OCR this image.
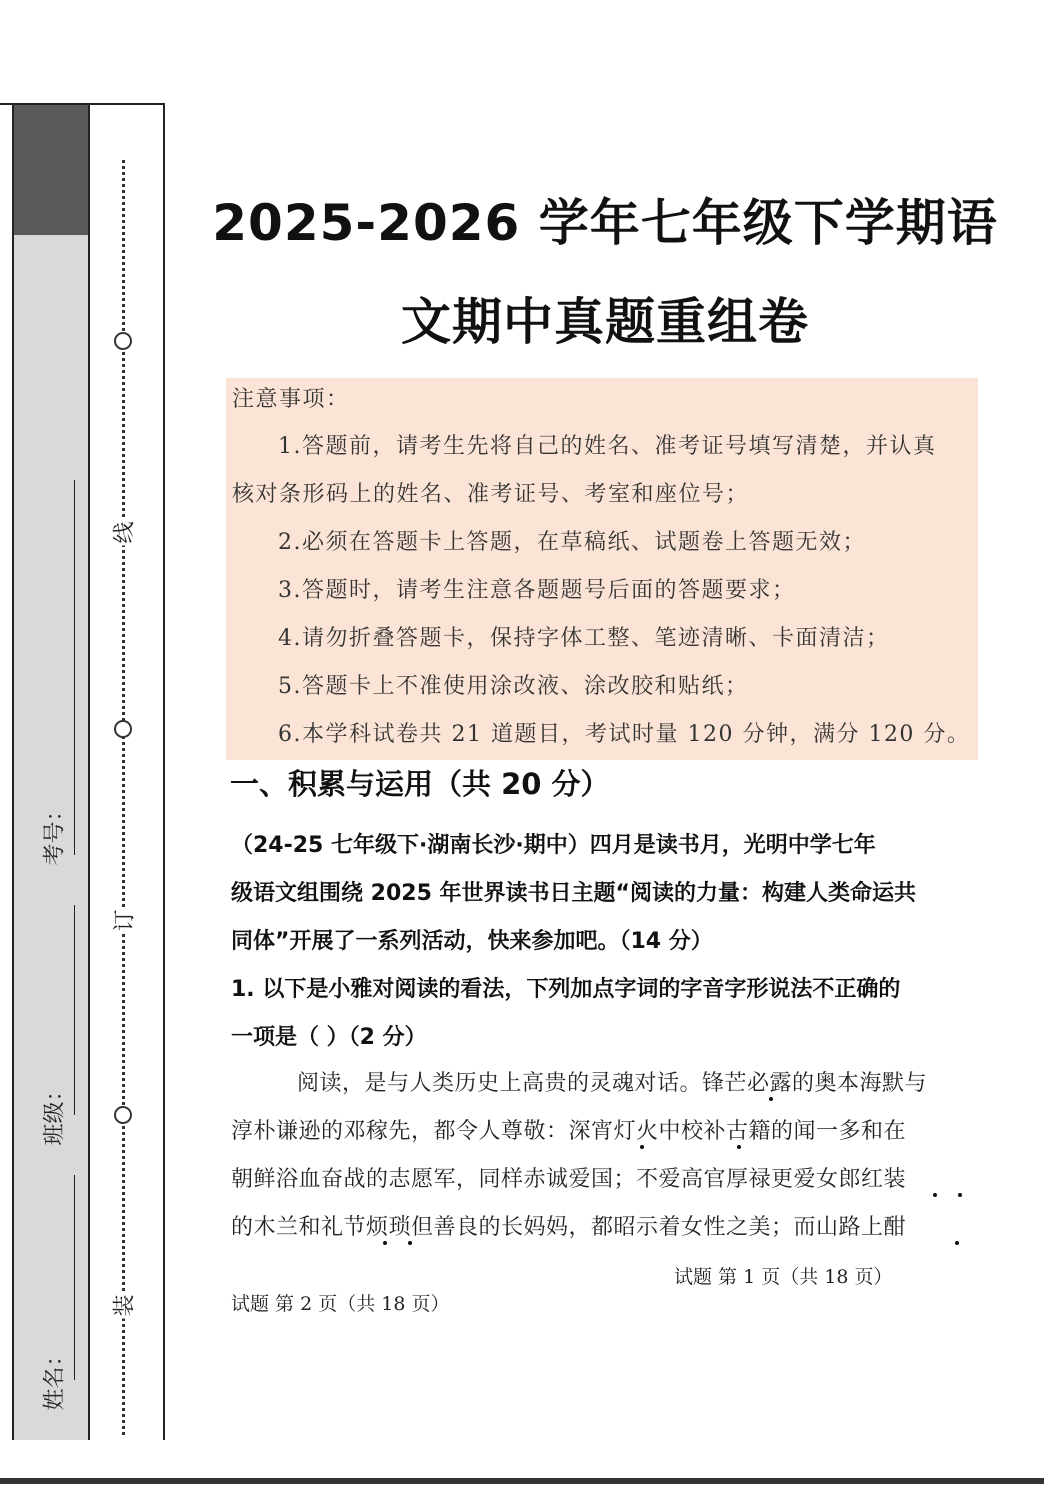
考号：
班级：
姓名：
线
订
装
2025-2026 学年七年级下学期语
文期中真题重组卷
注意事项：
1.答题前，请考生先将自己的姓名、准考证号填写清楚，并认真
核对条形码上的姓名、准考证号、考室和座位号；
2.必须在答题卡上答题，在草稿纸、试题卷上答题无效；
3.答题时，请考生注意各题题号后面的答题要求；
4.请勿折叠答题卡，保持字体工整、笔迹清晰、卡面清洁；
5.答题卡上不准使用涂改液、涂改胶和贴纸；
6.本学科试卷共 21 道题目，考试时量 120 分钟，满分 120 分。
一、积累与运用（共 20 分）
（24-25 七年级下·湖南长沙·期中）四月是读书月，光明中学七年
级语文组围绕 2025 年世界读书日主题“阅读的力量：构建人类命运共
同体”开展了一系列活动，快来参加吧。（14 分）
1. 以下是小雅对阅读的看法，下列加点字词的字音字形说法不正确的
一项是（ ）（2 分）
阅读，是与人类历史上高贵的灵魂对话。锋芒必露的奥本海默与
淳朴谦逊的邓稼先，都令人尊敬：深宵灯火中校补古籍的闻一多和在
朝鲜浴血奋战的志愿军，同样赤诚爱国；不爱高官厚禄更爱女郎红装
的木兰和礼节烦琐但善良的长妈妈，都昭示着女性之美；而山路上酣
试题 第 1 页（共 18 页）
试题 第 2 页（共 18 页）
